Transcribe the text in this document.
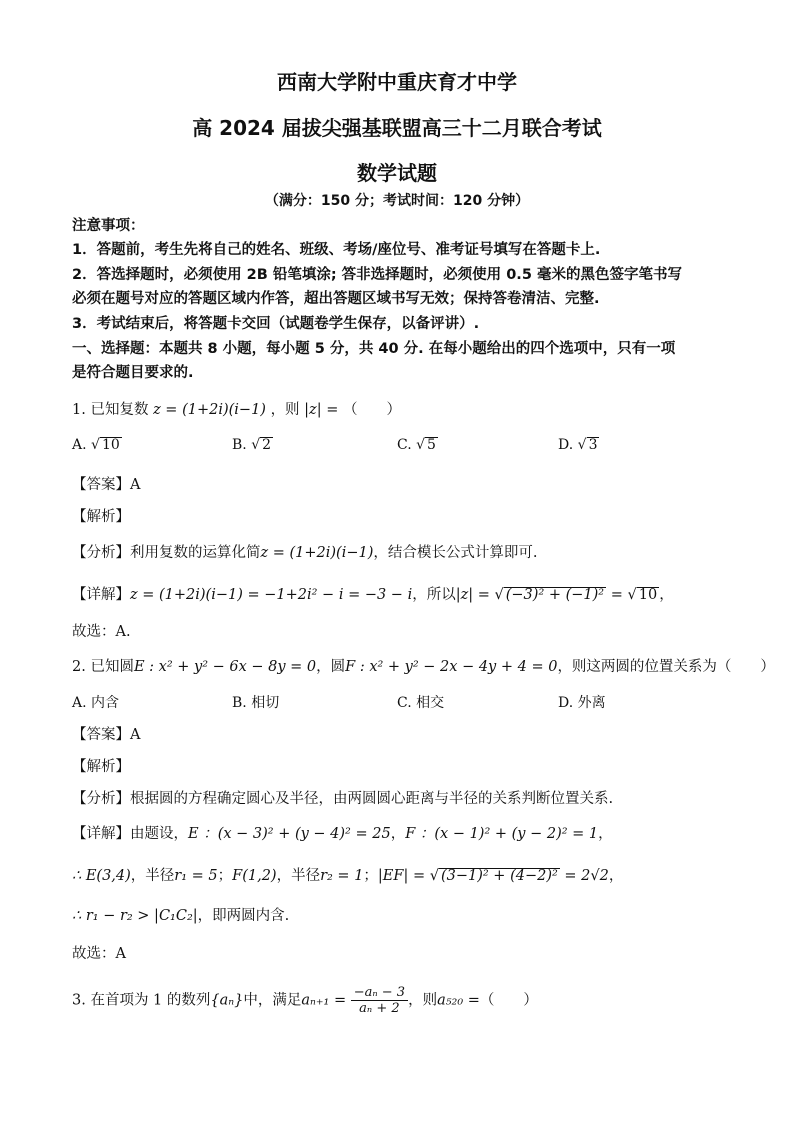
西南大学附中重庆育才中学
高 2024 届拔尖强基联盟高三十二月联合考试
数学试题
（满分：150 分；考试时间：120 分钟）
注意事项：
1．答题前，考生先将自己的姓名、班级、考场/座位号、准考证号填写在答题卡上.
2．答选择题时，必须使用 2B 铅笔填涂; 答非选择题时，必须使用 0.5 毫米的黑色签字笔书写
必须在题号对应的答题区域内作答，超出答题区域书写无效；保持答卷清洁、完整.
3．考试结束后，将答题卡交回（试题卷学生保存，以备评讲）.
一、选择题：本题共 8 小题，每小题 5 分，共 40 分. 在每小题给出的四个选项中，只有一项
是符合题目要求的.
1. 已知复数 z = (1+2i)(i−1) ，则 |z| = （　　）
A. √ 10	B. √ 2	C. √ 5	D. √ 3
【答案】A
【解析】
【分析】利用复数的运算化简z = (1+2i)(i−1)，结合模长公式计算即可.
【详解】z = (1+2i)(i−1) = −1+2i² − i = −3 − i，所以|z| = √ (−3)² + (−1)² = √ 10 ，
故选：A.
2. 已知圆E : x² + y² − 6x − 8y = 0，圆F : x² + y² − 2x − 4y + 4 = 0，则这两圆的位置关系为（　　）
A. 内含	B. 相切	C. 相交	D. 外离
【答案】A
【解析】
【分析】根据圆的方程确定圆心及半径，由两圆圆心距离与半径的关系判断位置关系.
【详解】由题设，E ：(x − 3)² + (y − 4)² = 25，F ：(x − 1)² + (y − 2)² = 1，
∴ E(3,4)，半径r₁ = 5；F(1,2)，半径r₂ = 1；|EF| = √ (3−1)² + (4−2)² = 2√2，
∴ r₁ − r₂ > |C₁C₂|，即两圆内含.
故选：A
3. 在首项为 1 的数列{aₙ}中，满足$a_{n+1} = \frac{\text{−aₙ − 3}}{\text{aₙ + 2}}$ ，则a₅₂₀ =（　　）
